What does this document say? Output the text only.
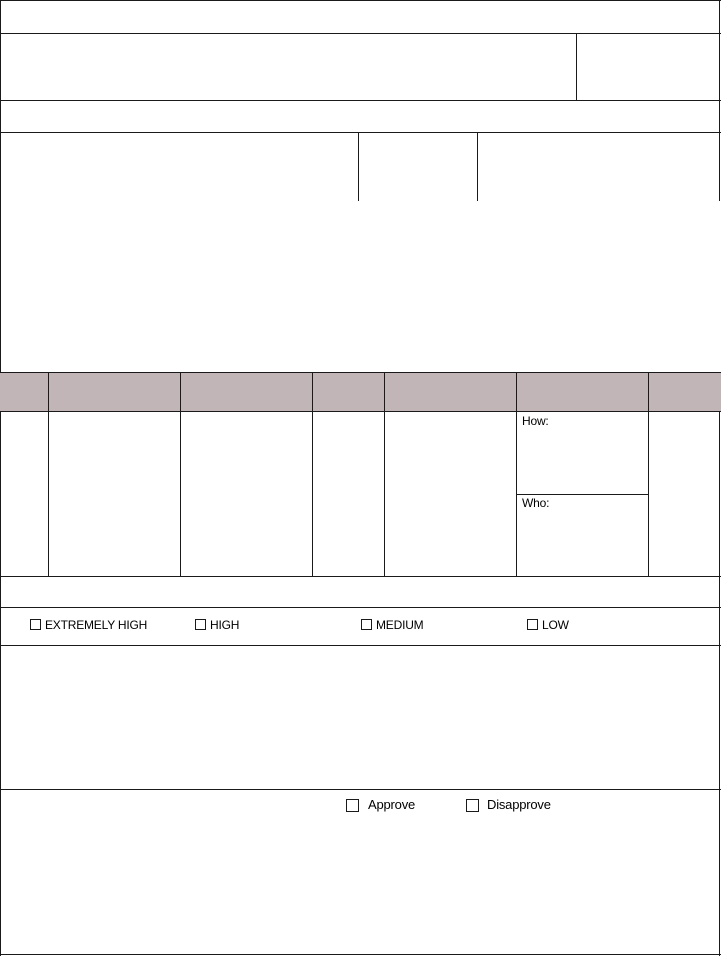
How:
Who:
EXTREMELY HIGH	HIGH	MEDIUM	LOW
Approve	Disapprove
